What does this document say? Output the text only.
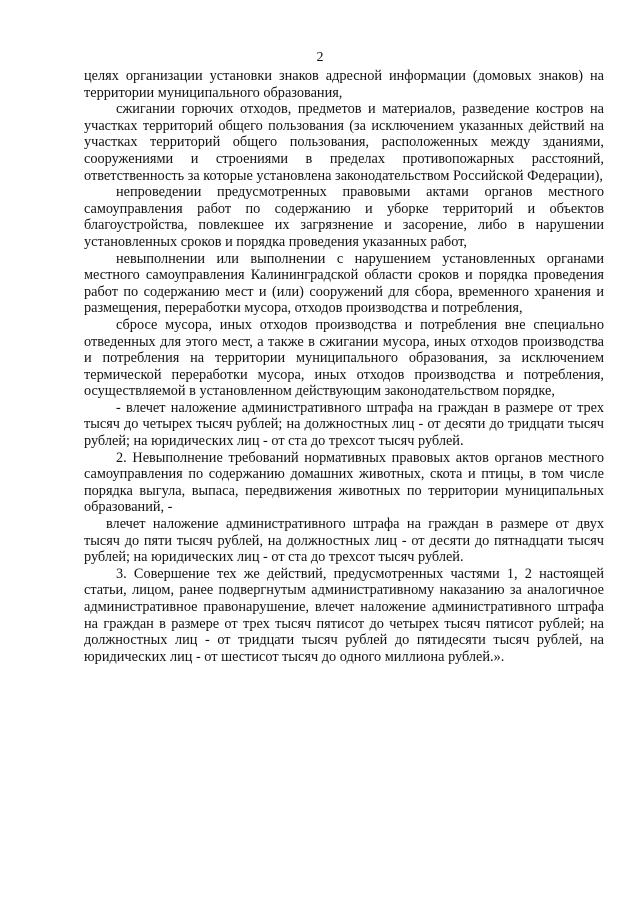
2

целях организации установки знаков адресной информации (домовых знаков) на территории муниципального образования,

сжигании горючих отходов, предметов и материалов, разведение костров на участках территорий общего пользования (за исключением указанных действий на участках территорий общего пользования, расположенных между зданиями, сооружениями и строениями в пределах противопожарных расстояний, ответственность за которые установлена законодательством Российской Федерации),

непроведении предусмотренных правовыми актами органов местного самоуправления работ по содержанию и уборке территорий и объектов благоустройства, повлекшее их загрязнение и засорение, либо в нарушении установленных сроков и порядка проведения указанных работ,

невыполнении или выполнении с нарушением установленных органами местного самоуправления Калининградской области сроков и порядка проведения работ по содержанию мест и (или) сооружений для сбора, временного хранения и размещения, переработки мусора, отходов производства и потребления,

сбросе мусора, иных отходов производства и потребления вне специально отведенных для этого мест, а также в сжигании мусора, иных отходов производства и потребления на территории муниципального образования, за исключением термической переработки мусора, иных отходов производства и потребления, осуществляемой в установленном действующим законодательством порядке,

- влечет наложение административного штрафа на граждан в размере от трех тысяч до четырех тысяч рублей; на должностных лиц - от десяти до тридцати тысяч рублей; на юридических лиц - от ста до трехсот тысяч рублей.

2. Невыполнение требований нормативных правовых актов органов местного самоуправления по содержанию домашних животных, скота и птицы, в том числе порядка выгула, выпаса, передвижения животных по территории муниципальных образований, -

влечет наложение административного штрафа на граждан в размере от двух тысяч до пяти тысяч рублей, на должностных лиц - от десяти до пятнадцати тысяч рублей; на юридических лиц - от ста до трехсот тысяч рублей.

3. Совершение тех же действий, предусмотренных частями 1, 2 настоящей статьи, лицом, ранее подвергнутым административному наказанию за аналогичное административное правонарушение, влечет наложение административного штрафа на граждан в размере от трех тысяч пятисот до четырех тысяч пятисот рублей; на должностных лиц - от тридцати тысяч рублей до пятидесяти тысяч рублей, на юридических лиц - от шестисот тысяч до одного миллиона рублей.».
